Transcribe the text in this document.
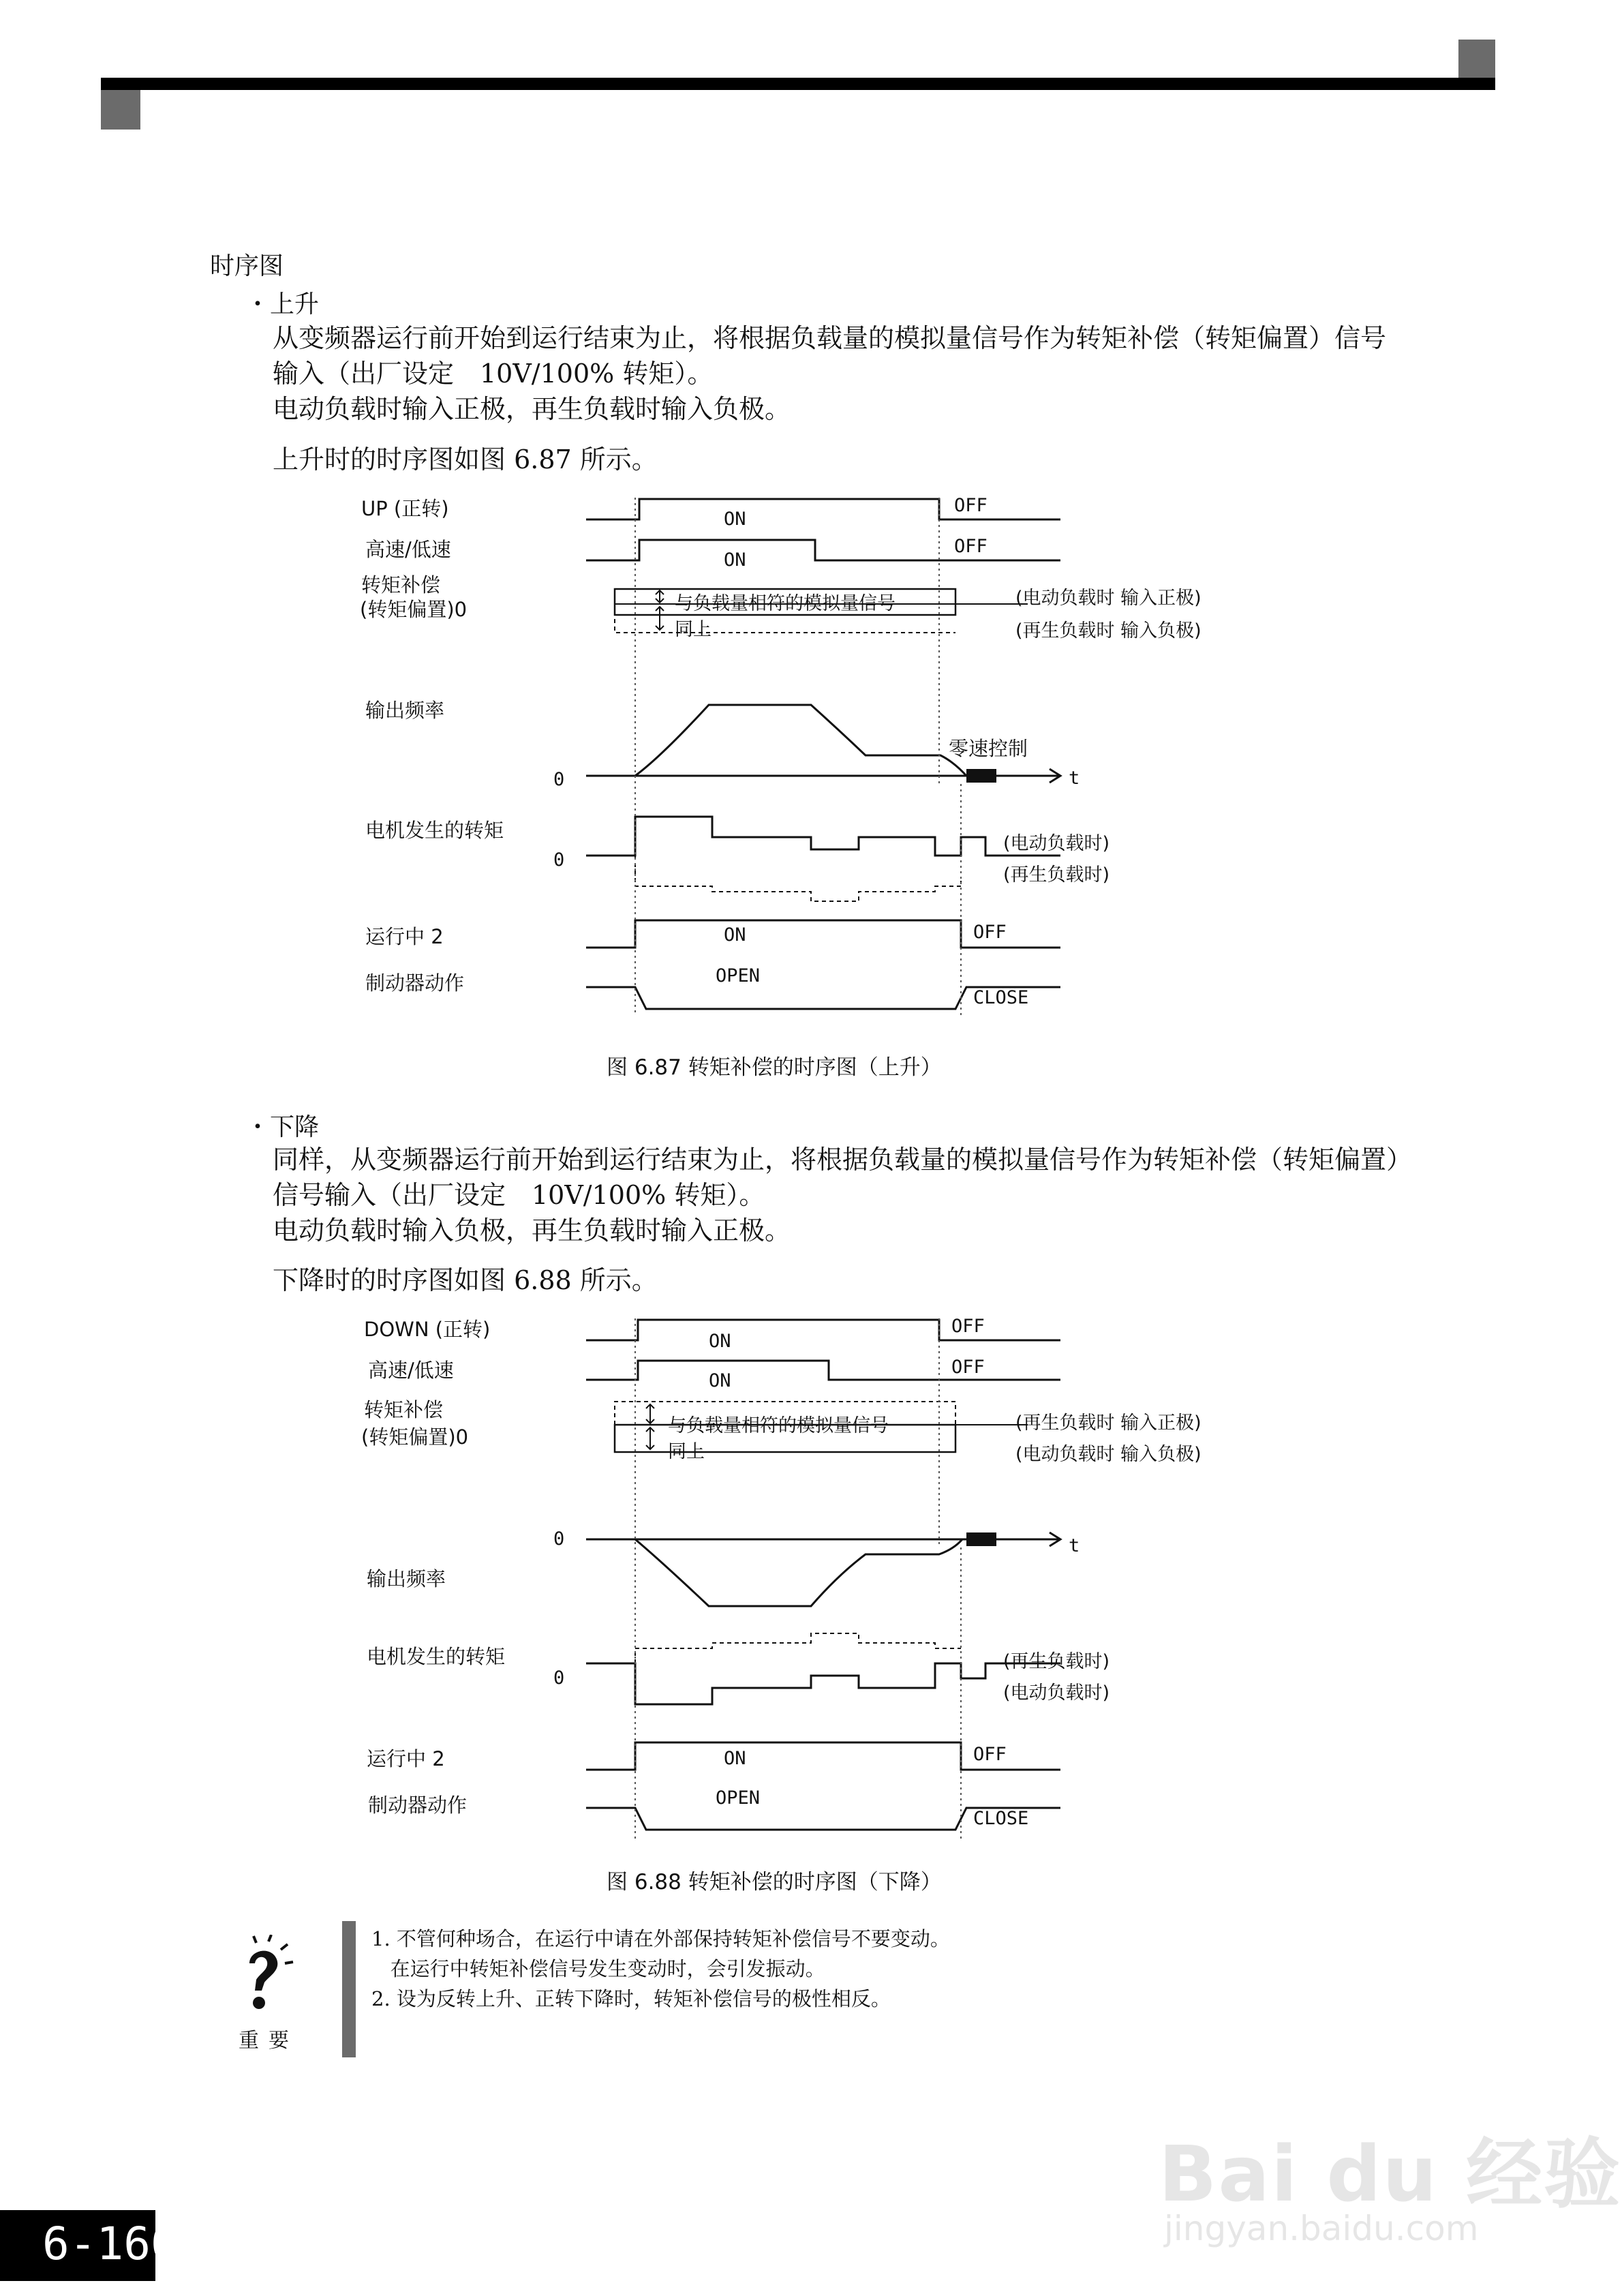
时序图
・上升
从变频器运行前开始到运行结束为止，将根据负载量的模拟量信号作为转矩补偿（转矩偏置）信号
输入（出厂设定　10V/100% 转矩）。
电动负载时输入正极，再生负载时输入负极。
上升时的时序图如图 6.87 所示。
UP (正转)
高速/低速
转矩补偿
(转矩偏置)0
输出频率
电机发生的转矩
运行中 2
制动器动作
ON
OFF
ON
OFF
与负载量相符的模拟量信号
同上
(电动负载时 输入正极)
(再生负载时 输入负极)
0	t
零速控制
0
(电动负载时)
(再生负载时)
ON	OFF
OPEN
CLOSE
图 6.87 转矩补偿的时序图（上升）
・下降
同样，从变频器运行前开始到运行结束为止，将根据负载量的模拟量信号作为转矩补偿（转矩偏置）
信号输入（出厂设定　10V/100% 转矩）。
电动负载时输入负极，再生负载时输入正极。
下降时的时序图如图 6.88 所示。
DOWN (正转)
高速/低速
转矩补偿
(转矩偏置)0
输出频率
电机发生的转矩
运行中 2
制动器动作
ON
OFF
ON
OFF
与负载量相符的模拟量信号
同上
(再生负载时 输入正极)
(电动负载时 输入负极)
0	t
0
(再生负载时)
(电动负载时)
ON	OFF
OPEN
CLOSE
图 6.88 转矩补偿的时序图（下降）
重要
1. 不管何种场合，在运行中请在外部保持转矩补偿信号不要变动。
在运行中转矩补偿信号发生变动时，会引发振动。
2. 设为反转上升、正转下降时，转矩补偿信号的极性相反。
Bai du 经验
jingyan.baidu.com
6-160
